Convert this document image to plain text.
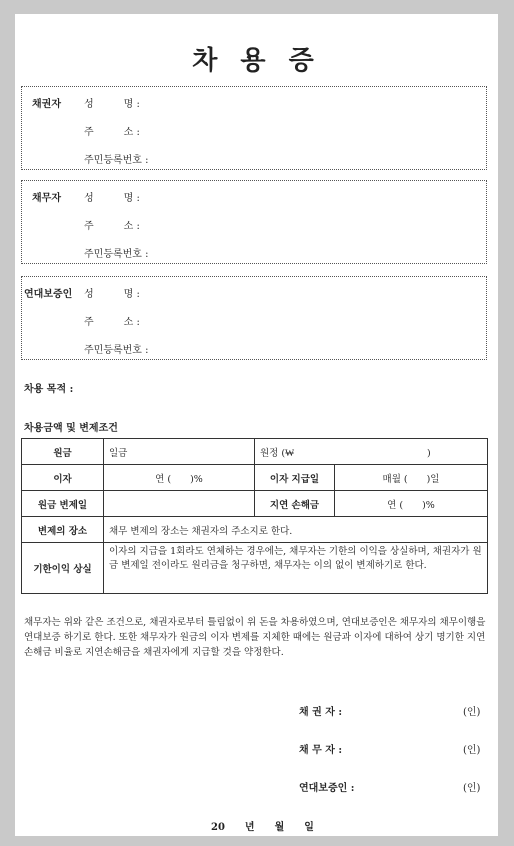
차 용 증
채권자 성　　　명 :
주　　　소 :
주민등록번호 :
채무자 성　　　명 :
주　　　소 :
주민등록번호 :
연대보증인 성　　　명 :
주　　　소 :
주민등록번호 :
차용 목적 :
차용금액 및 변제조건
원금	일금	원정 (₩　　　　　　　　　　　　　　)	
이자	연 (　　)%	이자 지급일	매월 (　　)일
원금 변제일		지연 손해금	연 (　　)%
변제의 장소	채무 변제의 장소는 채권자의 주소지로 한다.		
기한이익 상실	이자의 지급을 1회라도 연체하는 경우에는, 채무자는 기한의 이익을 상실하며, 채권자가 원금 변제일 전이라도 원리금을 청구하면, 채무자는 이의 없이 변제하기로 한다.		
채무자는 위와 같은 조건으로, 채권자로부터 틀림없이 위 돈을 차용하였으며, 연대보증인은 채무자의 채무이행을 연대보증 하기로 한다. 또한 채무자가 원금의 이자 변제를 지체한 때에는 원금과 이자에 대하여 상기 명기한 지연 손해금 비율로 지연손해금을 채권자에게 지급할 것을 약정한다.
채 권 자 :	(인)
채 무 자 :	(인)
연대보증인 :	(인)
20　　년　　월　　일
